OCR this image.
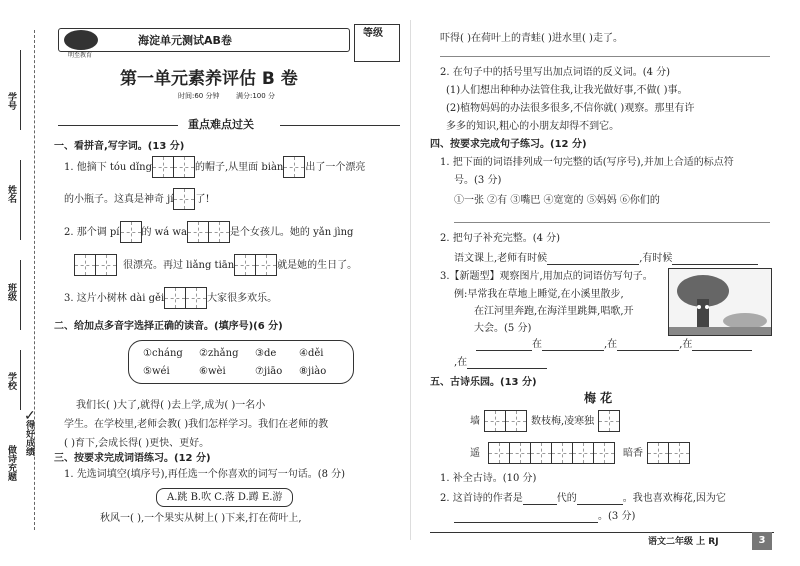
学号
姓名
班级
学校
做诗充题
得好成绩
✓
明至教育
海淀单元测试AB卷
等级
第一单元素养评估 B 卷
时间:60 分钟 满分:100 分
重点难点过关
一、看拼音,写字词。(13 分)
1. 他摘下 tóu dǐng	的帽子,从里面 biàn 出了一个漂亮
的小瓶子。这真是神奇 jí 了!
2. 那个调 pí 的 wá wa	是个女孩儿。她的 yǎn jìng
很漂亮。再过 liǎng tiān	就是她的生日了。
3. 这片小树林 dài gěi	大家很多欢乐。
二、给加点多音字选择正确的读音。(填序号)(6 分)
①cháng ②zhǎng ③de ④děi
⑤wéi	⑥wèi	⑦jiāo ⑧jiào
我们长( )大了,就得( )去上学,成为( )一名小
学生。在学校里,老师会教( )我们怎样学习。我们在老师的教
( )育下,会成长得( )更快、更好。
三、按要求完成词语练习。(12 分)
1. 先选词填空(填序号),再任选一个你喜欢的词写一句话。(8 分)
A.跳 B.吹 C.落 D.蹲 E.游
秋风一( ),一个果实从树上( )下来,打在荷叶上,
吓得( )在荷叶上的青蛙( )进水里( )走了。
2. 在句子中的括号里写出加点词语的反义词。(4 分)
(1)人们想出种种办法管住我,让我光做好事,不做( )事。
(2)植物妈妈的办法很多很多,不信你就( )观察。那里有许
多多的知识,粗心的小朋友却得不到它。
四、按要求完成句子练习。(12 分)
1. 把下面的词语排列成一句完整的话(写序号),并加上合适的标点符
号。(3 分)
①一张 ②有 ③嘴巴 ④宽宽的 ⑤妈妈 ⑥你们的
2. 把句子补充完整。(4 分)
语文课上,老师有时候	,有时候
3.【新题型】观察图片,用加点的词语仿写句子。
例:早常我在草地上睡觉,在小溪里散步,
在江河里奔跑,在海洋里跳舞,唱歌,开
大会。(5 分)
在	,在	,在
,在
五、古诗乐园。(13 分)
梅 花
墙	数枝梅,凌寒独
遥	暗香
1. 补全古诗。(10 分)
2. 这首诗的作者是	代的	。我也喜欢梅花,因为它
。(3 分)
语文二年级 上 RJ	3
